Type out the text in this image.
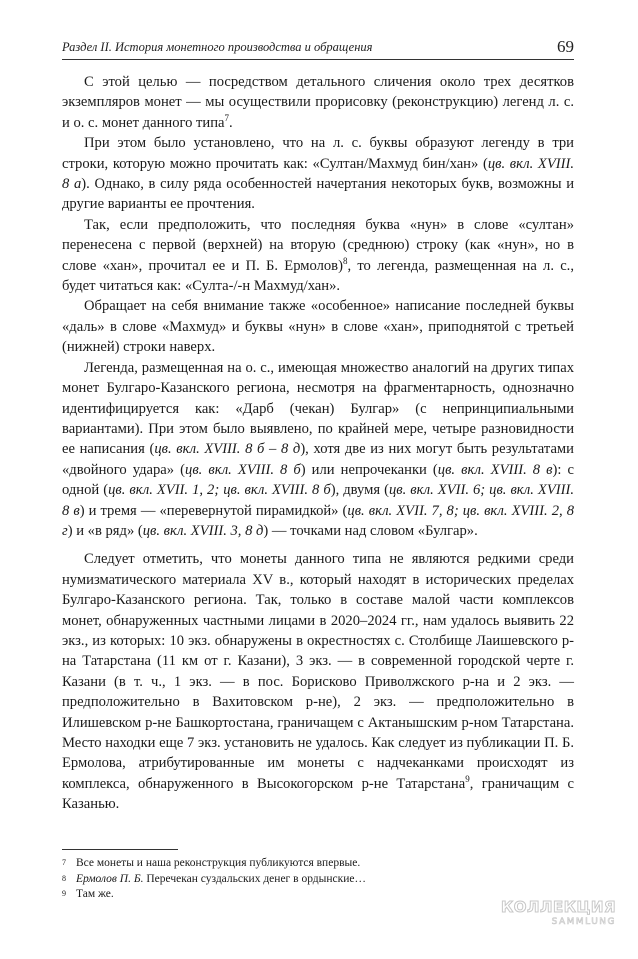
Раздел II. История монетного производства и обращения	69

С этой целью — посредством детального сличения около трех десятков экземпляров монет — мы осуществили прорисовку (реконструкцию) легенд л. с. и о. с. монет данного типа$^7$.

При этом было установлено, что на л. с. буквы образуют легенду в три строки, которую можно прочитать как: «Султан/Махмуд бин/хан» (цв. вкл. XVIII. 8 а). Однако, в силу ряда особенностей начертания некоторых букв, возможны и другие варианты ее прочтения.

Так, если предположить, что последняя буква «нун» в слове «султан» перенесена с первой (верхней) на вторую (среднюю) строку (как «нун», но в слове «хан», прочитал ее и П. Б. Ермолов)$^8$, то легенда, размещенная на л. с., будет читаться как: «Султа-/-н Махмуд/хан».

Обращает на себя внимание также «особенное» написание последней буквы «даль» в слове «Махмуд» и буквы «нун» в слове «хан», приподнятой с третьей (нижней) строки наверх.

Легенда, размещенная на о. с., имеющая множество аналогий на других типах монет Булгаро-Казанского региона, несмотря на фрагментарность, однозначно идентифицируется как: «Дарб (чекан) Булгар» (с непринципиальными вариантами). При этом было выявлено, по крайней мере, четыре разновидности ее написания (цв. вкл. XVIII. 8 б – 8 д), хотя две из них могут быть результатами «двойного удара» (цв. вкл. XVIII. 8 б) или непрочеканки (цв. вкл. XVIII. 8 в): с одной (цв. вкл. XVII. 1, 2; цв. вкл. XVIII. 8 б), двумя (цв. вкл. XVII. 6; цв. вкл. XVIII. 8 в) и тремя — «перевернутой пирамидкой» (цв. вкл. XVII. 7, 8; цв. вкл. XVIII. 2, 8 г) и «в ряд» (цв. вкл. XVIII. 3, 8 д) — точками над словом «Булгар».

Следует отметить, что монеты данного типа не являются редкими среди нумизматического материала XV в., который находят в исторических пределах Булгаро-Казанского региона. Так, только в составе малой части комплексов монет, обнаруженных частными лицами в 2020–2024 гг., нам удалось выявить 22 экз., из которых: 10 экз. обнаружены в окрестностях с. Столбище Лаишевского р-на Татарстана (11 км от г. Казани), 3 экз. — в современной городской черте г. Казани (в т. ч., 1 экз. — в пос. Борисково Приволжского р-на и 2 экз. — предположительно в Вахитовском р-не), 2 экз. — предположительно в Илишевском р-не Башкортостана, граничащем с Актанышским р-ном Татарстана. Место находки еще 7 экз. установить не удалось. Как следует из публикации П. Б. Ермолова, атрибутированные им монеты с надчеканками происходят из комплекса, обнаруженного в Высокогорском р-не Татарстана$^9$, граничащим с Казанью.

7 Все монеты и наша реконструкция публикуются впервые.
8 Ермолов П. Б. Перечекан суздальских денег в ордынские…
9 Там же.
КОЛЛЕКЦИЯ
SAMMLUNG
